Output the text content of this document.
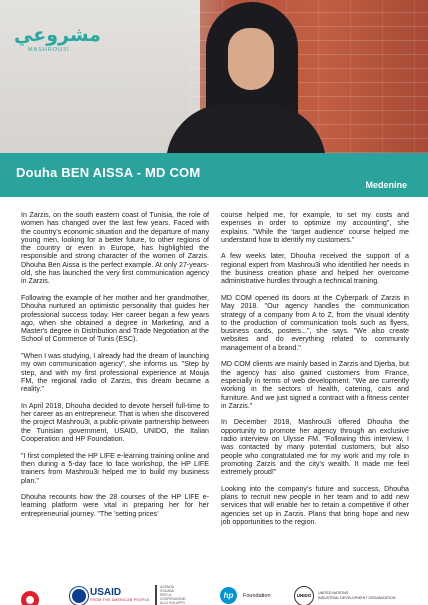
مشروعي
MASHROU3I
Douha BEN AISSA - MD COM
Medenine

In Zarzis, on the south eastern coast of Tunisia, the role of women has changed over the last few years. Faced with the country's economic situation and the departure of many young men, looking for a better future, to other regions of the country or even in Europe, has highlighted the responsible and strong character of the women of Zarzis. Dhouha Ben Aissa is the perfect example. At only 27-years-old, she has launched the very first communication agency in Zarzis.

Following the example of her mother and her grandmother, Dhouha nurtured an optimistic personality that guides her professional success today. Her career began a few years ago, when she obtained a degree in Marketing, and a Master's degree in Distribution and Trade Negotiation at the School of Commerce of Tunis (ESC).

"When I was studying, I already had the dream of launching my own communication agency", she informs us. "Step by step, and with my first professional experience at Mouja FM, the regional radio of Zarzis, this dream became a reality."

In April 2018, Dhouha decided to devote herself full-time to her career as an entrepreneur. That is when she discovered the project Mashrou3i, a public-private partnership between the Tunisian government, USAID, UNIDO, the Italian Cooperation and HP Foundation.

"I first completed the HP LIFE e-learning training online and then during a 5-day face to face workshop, the HP LIFE trainers from Mashrou3i helped me to build my business plan."

Dhouha recounts how the 28 courses of the HP LIFE e-learning platform were vital in preparing her for her entrepreneurial journey. "The 'setting prices'

course helped me, for example, to set my costs and expenses in order to optimize my accounting", she explains. "While the 'target audience' course helped me understand how to identify my customers."

A few weeks later, Dhouha received the support of a regional expert from Mashrou3i who identified her needs in the business creation phase and helped her overcome administrative hurdles through a technical training.

MD COM opened its doors at the Cyberpark of Zarzis in May 2018. "Our agency handles the communication strategy of a company from A to Z, from the visual identity to the production of communication tools such as flyers, business cards, posters...", she says. "We also create websites and do everything related to community management of a brand."

MD COM clients are mainly based in Zarzis and Djerba, but the agency has also gained customers from France, especially in terms of web development. "We are currently working in the sectors of health, catering, cars and furniture. And we just signed a contract with a fitness center in Zarzis."

In December 2018, Mashrou3i offered Dhouha the opportunity to promote her agency through an exclusive radio interview on Ulysse FM. "Following this interview, I was contacted by many potential customers, but also people who congratulated me for my work and my role in promoting Zarzis and the city's wealth. It made me feel extremely proud!"

Looking into the company's future and success, Dhouha plans to recruit new people in her team and to add new services that will enable her to retain a competitive if other agencies set up in Zarzis. Plans that bring hope and new job opportunities to the region.

USAID
FROM THE AMERICAN PEOPLE
AGENZIA ITALIANA
PER LA COOPERAZIONE
ALLO SVILUPPO
hp	Foundation	UNIDO	UNITED NATIONS
INDUSTRIAL DEVELOPMENT ORGANIZATION
